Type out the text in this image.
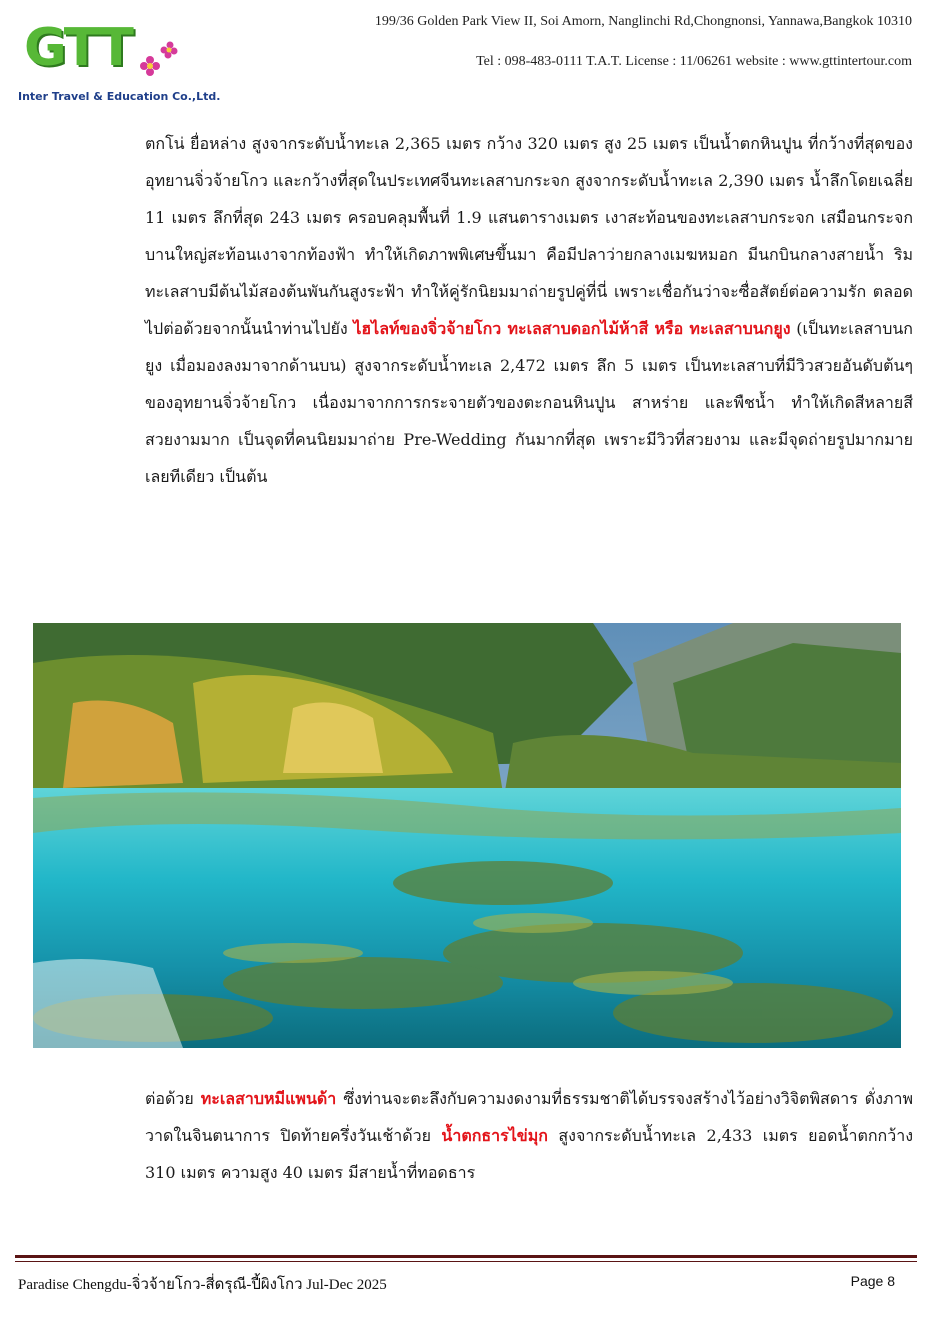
GTT
Inter Travel & Education Co.,Ltd.
199/36 Golden Park View II, Soi Amorn, Nanglinchi Rd,Chongnonsi, Yannawa,Bangkok 10310
Tel : 098-483-0111 T.A.T. License : 11/06261 website : www.gttintertour.com
ตกโน่ ยื่อหล่าง สูงจากระดับน้ำทะเล 2,365 เมตร กว้าง 320 เมตร สูง 25 เมตร เป็นน้ำตกหินปูน ที่กว้างที่สุดของอุทยานจิ่วจ้ายโกว และกว้างที่สุดในประเทศจีนทะเลสาบกระจก สูงจากระดับน้ำทะเล 2,390 เมตร น้ำลึกโดยเฉลี่ย 11 เมตร ลึกที่สุด 243 เมตร ครอบคลุมพื้นที่ 1.9 แสนตารางเมตร เงาสะท้อนของทะเลสาบกระจก เสมือนกระจกบานใหญ่สะท้อนเงาจากท้องฟ้า ทำให้เกิดภาพพิเศษขึ้นมา คือมีปลาว่ายกลางเมฆหมอก มีนกบินกลางสายน้ำ ริมทะเลสาบมีต้นไม้สองต้นพันกันสูงระฟ้า ทำให้คู่รักนิยมมาถ่ายรูปคู่ที่นี่ เพราะเชื่อกันว่าจะซื่อสัตย์ต่อความรัก ตลอดไปต่อด้วยจากนั้นนำท่านไปยัง ไฮไลท์ของจิ่วจ้ายโกว ทะเลสาบดอกไม้ห้าสี หรือ ทะเลสาบนกยูง (เป็นทะเลสาบนกยูง เมื่อมองลงมาจากด้านบน) สูงจากระดับน้ำทะเล 2,472 เมตร ลึก 5 เมตร เป็นทะเลสาบที่มีวิวสวยอันดับต้นๆ ของอุทยานจิ่วจ้ายโกว เนื่องมาจากการกระจายตัวของตะกอนหินปูน สาหร่าย และพืชน้ำ ทำให้เกิดสีหลายสีสวยงามมาก เป็นจุดที่คนนิยมมาถ่าย Pre-Wedding กันมากที่สุด เพราะมีวิวที่สวยงาม และมีจุดถ่ายรูปมากมายเลยทีเดียว เป็นต้น
ต่อด้วย ทะเลสาบหมีแพนด้า ซึ่งท่านจะตะลึงกับความงดงามที่ธรรมชาติได้บรรจงสร้างไว้อย่างวิจิตพิสดาร ดั่งภาพวาดในจินตนาการ ปิดท้ายครึ่งวันเช้าด้วย น้ำตกธารไข่มุก สูงจากระดับน้ำทะเล 2,433 เมตร ยอดน้ำตกกว้าง 310 เมตร ความสูง 40 เมตร มีสายน้ำที่ทอดธาร
Paradise Chengdu-จิ่วจ้ายโกว-สี่ดรุณี-ปี้ผิงโกว Jul-Dec 2025	Page 8
